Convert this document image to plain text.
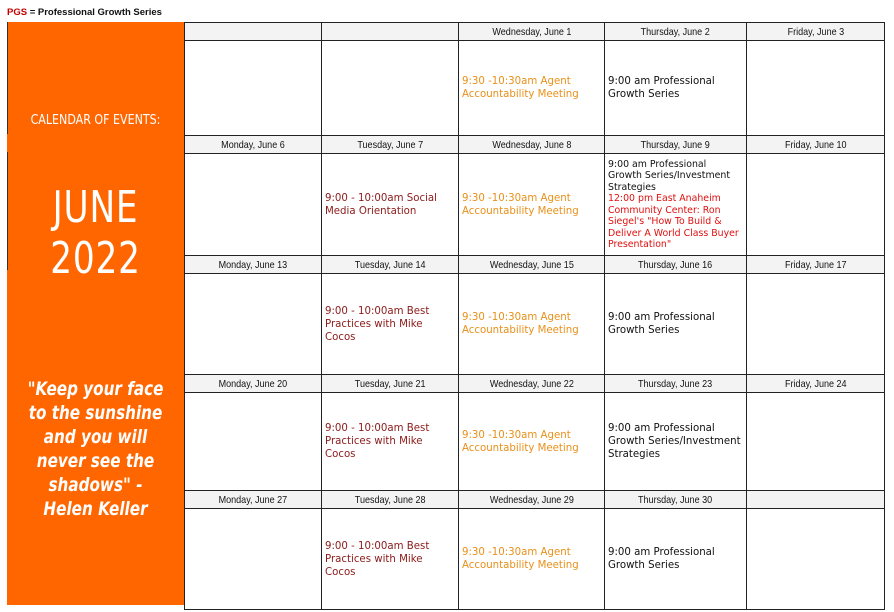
PGS = Professional Growth Series
CALENDAR OF EVENTS:
JUNE 2022
"Keep your face to the sunshine and you will never see the shadows" - Helen Keller
		Wednesday, June 1	Thursday, June 2	Friday, June 3

		9:30 -10:30am Agent Accountability Meeting	9:00 am Professional Growth Series	

Monday, June 6	Tuesday, June 7	Wednesday, June 8	Thursday, June 9	Friday, June 10

	9:00 - 10:00am Social Media Orientation	9:30 -10:30am Agent Accountability Meeting	9:00 am Professional Growth Series/Investment Strategies
12:00 pm East Anaheim Community Center: Ron Siegel's "How To Build & Deliver A World Class Buyer Presentation"	

Monday, June 13	Tuesday, June 14	Wednesday, June 15	Thursday, June 16	Friday, June 17

	9:00 - 10:00am Best Practices with Mike Cocos	9:30 -10:30am Agent Accountability Meeting	9:00 am Professional Growth Series	

Monday, June 20	Tuesday, June 21	Wednesday, June 22	Thursday, June 23	Friday, June 24

	9:00 - 10:00am Best Practices with Mike Cocos	9:30 -10:30am Agent Accountability Meeting	9:00 am Professional Growth Series/Investment Strategies	

Monday, June 27	Tuesday, June 28	Wednesday, June 29	Thursday, June 30	

	9:00 - 10:00am Best Practices with Mike Cocos	9:30 -10:30am Agent Accountability Meeting	9:00 am Professional Growth Series	
